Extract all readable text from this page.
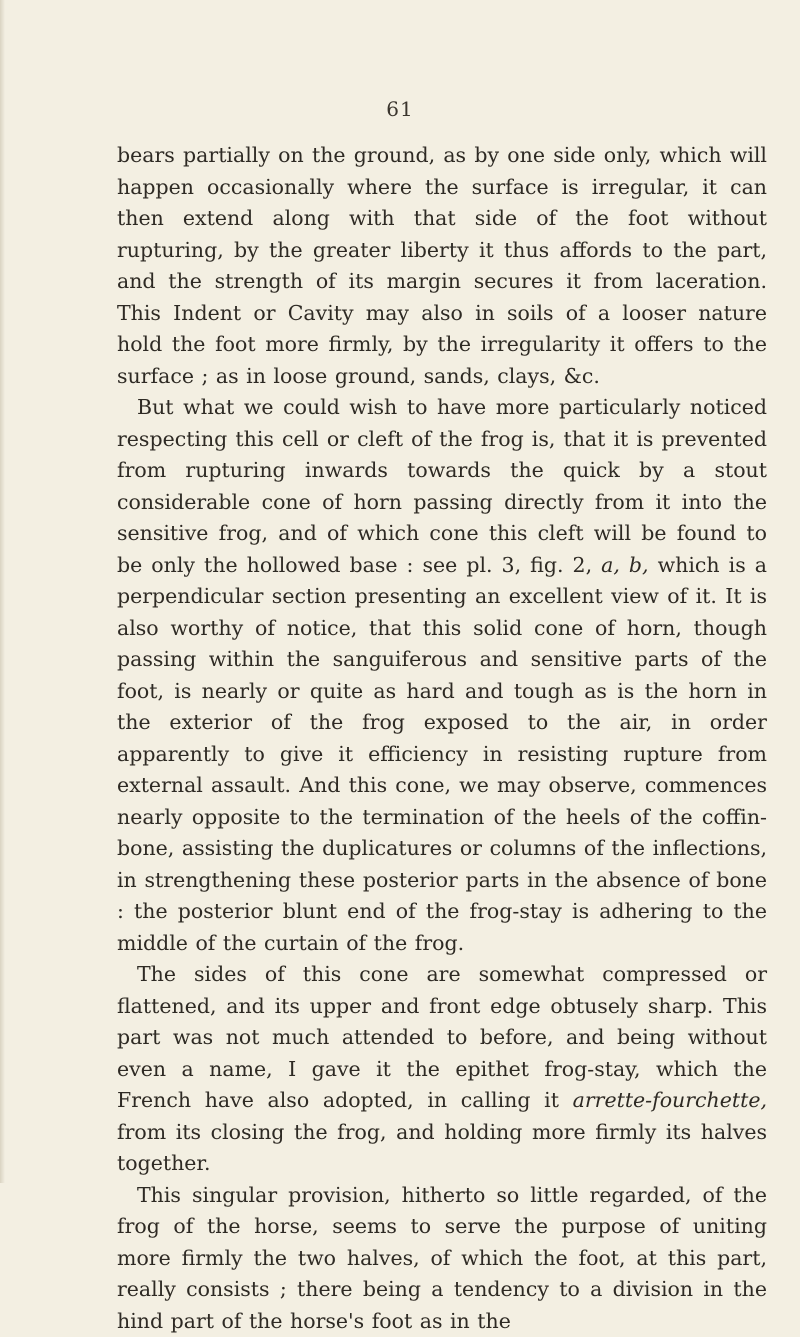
61

bears partially on the ground, as by one side only, which will happen occasionally where the surface is irregular, it can then extend along with that side of the foot without rupturing, by the greater liberty it thus affords to the part, and the strength of its margin secures it from laceration. This Indent or Cavity may also in soils of a looser nature hold the foot more firmly, by the irregularity it offers to the surface ; as in loose ground, sands, clays, &c.

But what we could wish to have more particularly noticed respecting this cell or cleft of the frog is, that it is prevented from rupturing inwards towards the quick by a stout considerable cone of horn passing directly from it into the sensitive frog, and of which cone this cleft will be found to be only the hollowed base : see pl. 3, fig. 2, a, b, which is a perpendicular section presenting an excellent view of it. It is also worthy of notice, that this solid cone of horn, though passing within the sanguiferous and sensitive parts of the foot, is nearly or quite as hard and tough as is the horn in the exterior of the frog exposed to the air, in order apparently to give it efficiency in resisting rupture from external assault. And this cone, we may observe, commences nearly opposite to the termination of the heels of the coffin-bone, assisting the duplicatures or columns of the inflections, in strengthening these posterior parts in the absence of bone : the posterior blunt end of the frog-stay is adhering to the middle of the curtain of the frog.

The sides of this cone are somewhat compressed or flattened, and its upper and front edge obtusely sharp. This part was not much attended to before, and being without even a name, I gave it the epithet frog-stay, which the French have also adopted, in calling it arrette-fourchette, from its closing the frog, and holding more firmly its halves together.

This singular provision, hitherto so little regarded, of the frog of the horse, seems to serve the purpose of uniting more firmly the two halves, of which the foot, at this part, really consists ; there being a tendency to a division in the hind part of the horse's foot as in the
